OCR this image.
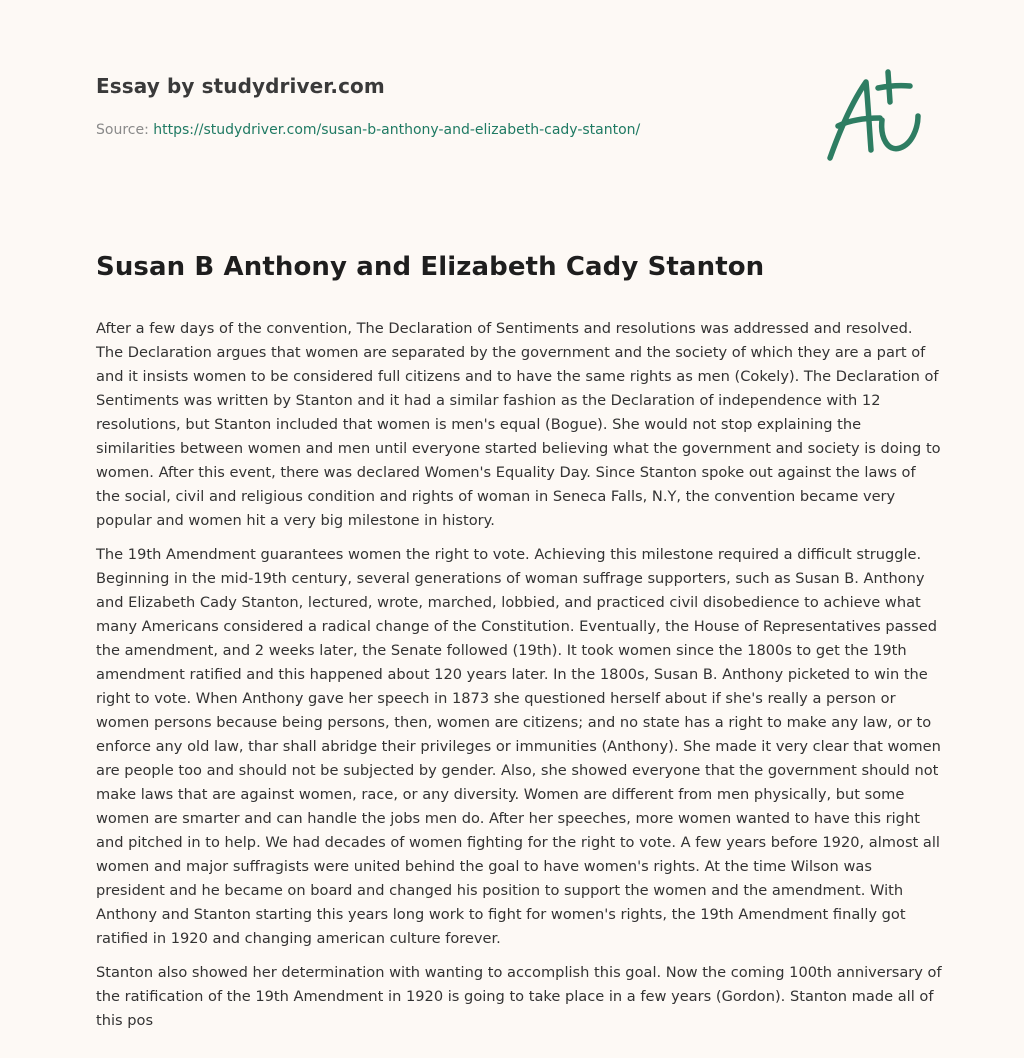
Essay by studydriver.com
Source: https://studydriver.com/susan-b-anthony-and-elizabeth-cady-stanton/
Susan B Anthony and Elizabeth Cady Stanton

After a few days of the convention, The Declaration of Sentiments and resolutions was addressed and resolved. The Declaration argues that women are separated by the government and the society of which they are a part of and it insists women to be considered full citizens and to have the same rights as men (Cokely). The Declaration of Sentiments was written by Stanton and it had a similar fashion as the Declaration of independence with 12 resolutions, but Stanton included that women is men's equal (Bogue). She would not stop explaining the similarities between women and men until everyone started believing what the government and society is doing to women. After this event, there was declared Women's Equality Day. Since Stanton spoke out against the laws of the social, civil and religious condition and rights of woman in Seneca Falls, N.Y, the convention became very popular and women hit a very big milestone in history.

The 19th Amendment guarantees women the right to vote. Achieving this milestone required a difficult struggle. Beginning in the mid-19th century, several generations of woman suffrage supporters, such as Susan B. Anthony and Elizabeth Cady Stanton, lectured, wrote, marched, lobbied, and practiced civil disobedience to achieve what many Americans considered a radical change of the Constitution. Eventually, the House of Representatives passed the amendment, and 2 weeks later, the Senate followed (19th). It took women since the 1800s to get the 19th amendment ratified and this happened about 120 years later. In the 1800s, Susan B. Anthony picketed to win the right to vote. When Anthony gave her speech in 1873 she questioned herself about if she's really a person or women persons because being persons, then, women are citizens; and no state has a right to make any law, or to enforce any old law, thar shall abridge their privileges or immunities (Anthony). She made it very clear that women are people too and should not be subjected by gender. Also, she showed everyone that the government should not make laws that are against women, race, or any diversity. Women are different from men physically, but some women are smarter and can handle the jobs men do. After her speeches, more women wanted to have this right and pitched in to help. We had decades of women fighting for the right to vote. A few years before 1920, almost all women and major suffragists were united behind the goal to have women's rights. At the time Wilson was president and he became on board and changed his position to support the women and the amendment. With Anthony and Stanton starting this years long work to fight for women's rights, the 19th Amendment finally got ratified in 1920 and changing american culture forever.

Stanton also showed her determination with wanting to accomplish this goal. Now the coming 100th anniversary of the ratification of the 19th Amendment in 1920 is going to take place in a few years (Gordon). Stanton made all of this pos
